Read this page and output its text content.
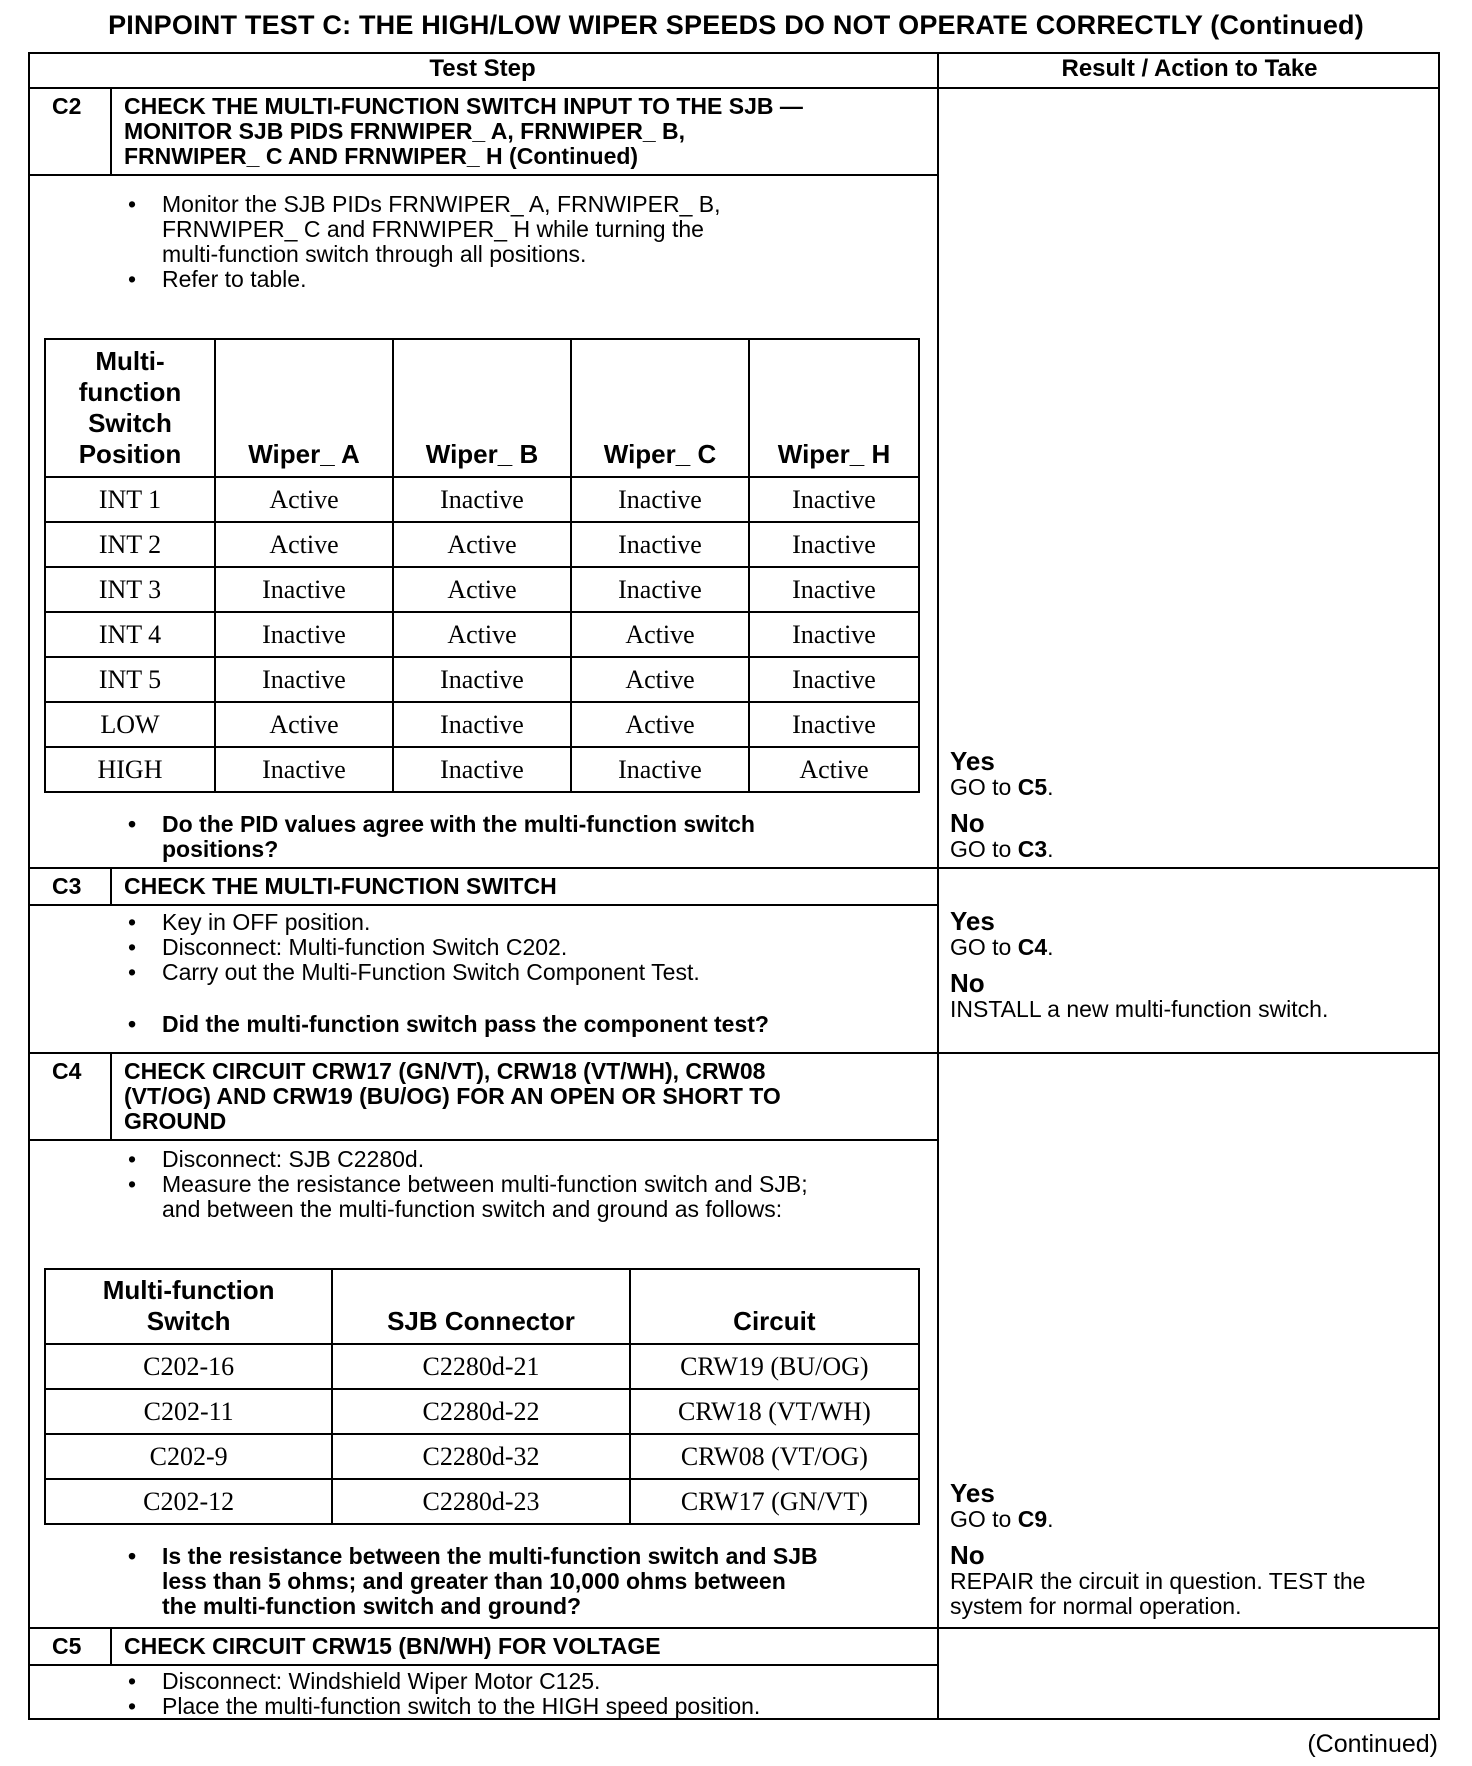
PINPOINT TEST C: THE HIGH/LOW WIPER SPEEDS DO NOT OPERATE CORRECTLY (Continued)
Test Step	Result / Action to Take
C2 CHECK THE MULTI-FUNCTION SWITCH INPUT TO THE SJB —
MONITOR SJB PIDS FRNWIPER_ A, FRNWIPER_ B,
FRNWIPER_ C AND FRNWIPER_ H (Continued)
• Monitor the SJB PIDs FRNWIPER_ A, FRNWIPER_ B,
FRNWIPER_ C and FRNWIPER_ H while turning the
multi-function switch through all positions.
• Refer to table.
Multi-
function
Switch
Position	Wiper_ A	Wiper_ B	Wiper_ C	Wiper_ H
INT 1	Active	Inactive	Inactive	Inactive
INT 2	Active	Active	Inactive	Inactive
INT 3	Inactive	Active	Inactive	Inactive
INT 4	Inactive	Active	Active	Inactive
INT 5	Inactive	Inactive	Active	Inactive
LOW	Active	Inactive	Active	Inactive
HIGH	Inactive	Inactive	Inactive	Active
• Do the PID values agree with the multi-function switch
positions?
Yes
GO to C5.
No
GO to C3.
C3 CHECK THE MULTI-FUNCTION SWITCH
• Key in OFF position.
• Disconnect: Multi-function Switch C202.
• Carry out the Multi-Function Switch Component Test.
• Did the multi-function switch pass the component test?
Yes
GO to C4.
No
INSTALL a new multi-function switch.
C4 CHECK CIRCUIT CRW17 (GN/VT), CRW18 (VT/WH), CRW08
(VT/OG) AND CRW19 (BU/OG) FOR AN OPEN OR SHORT TO
GROUND
• Disconnect: SJB C2280d.
• Measure the resistance between multi-function switch and SJB;
and between the multi-function switch and ground as follows:
Multi-function
Switch	SJB Connector	Circuit
C202-16	C2280d-21	CRW19 (BU/OG)
C202-11	C2280d-22	CRW18 (VT/WH)
C202-9	C2280d-32	CRW08 (VT/OG)
C202-12	C2280d-23	CRW17 (GN/VT)
• Is the resistance between the multi-function switch and SJB
less than 5 ohms; and greater than 10,000 ohms between
the multi-function switch and ground?
Yes
GO to C9.
No
REPAIR the circuit in question. TEST the
system for normal operation.
C5 CHECK CIRCUIT CRW15 (BN/WH) FOR VOLTAGE
• Disconnect: Windshield Wiper Motor C125.
• Place the multi-function switch to the HIGH speed position.
(Continued)
